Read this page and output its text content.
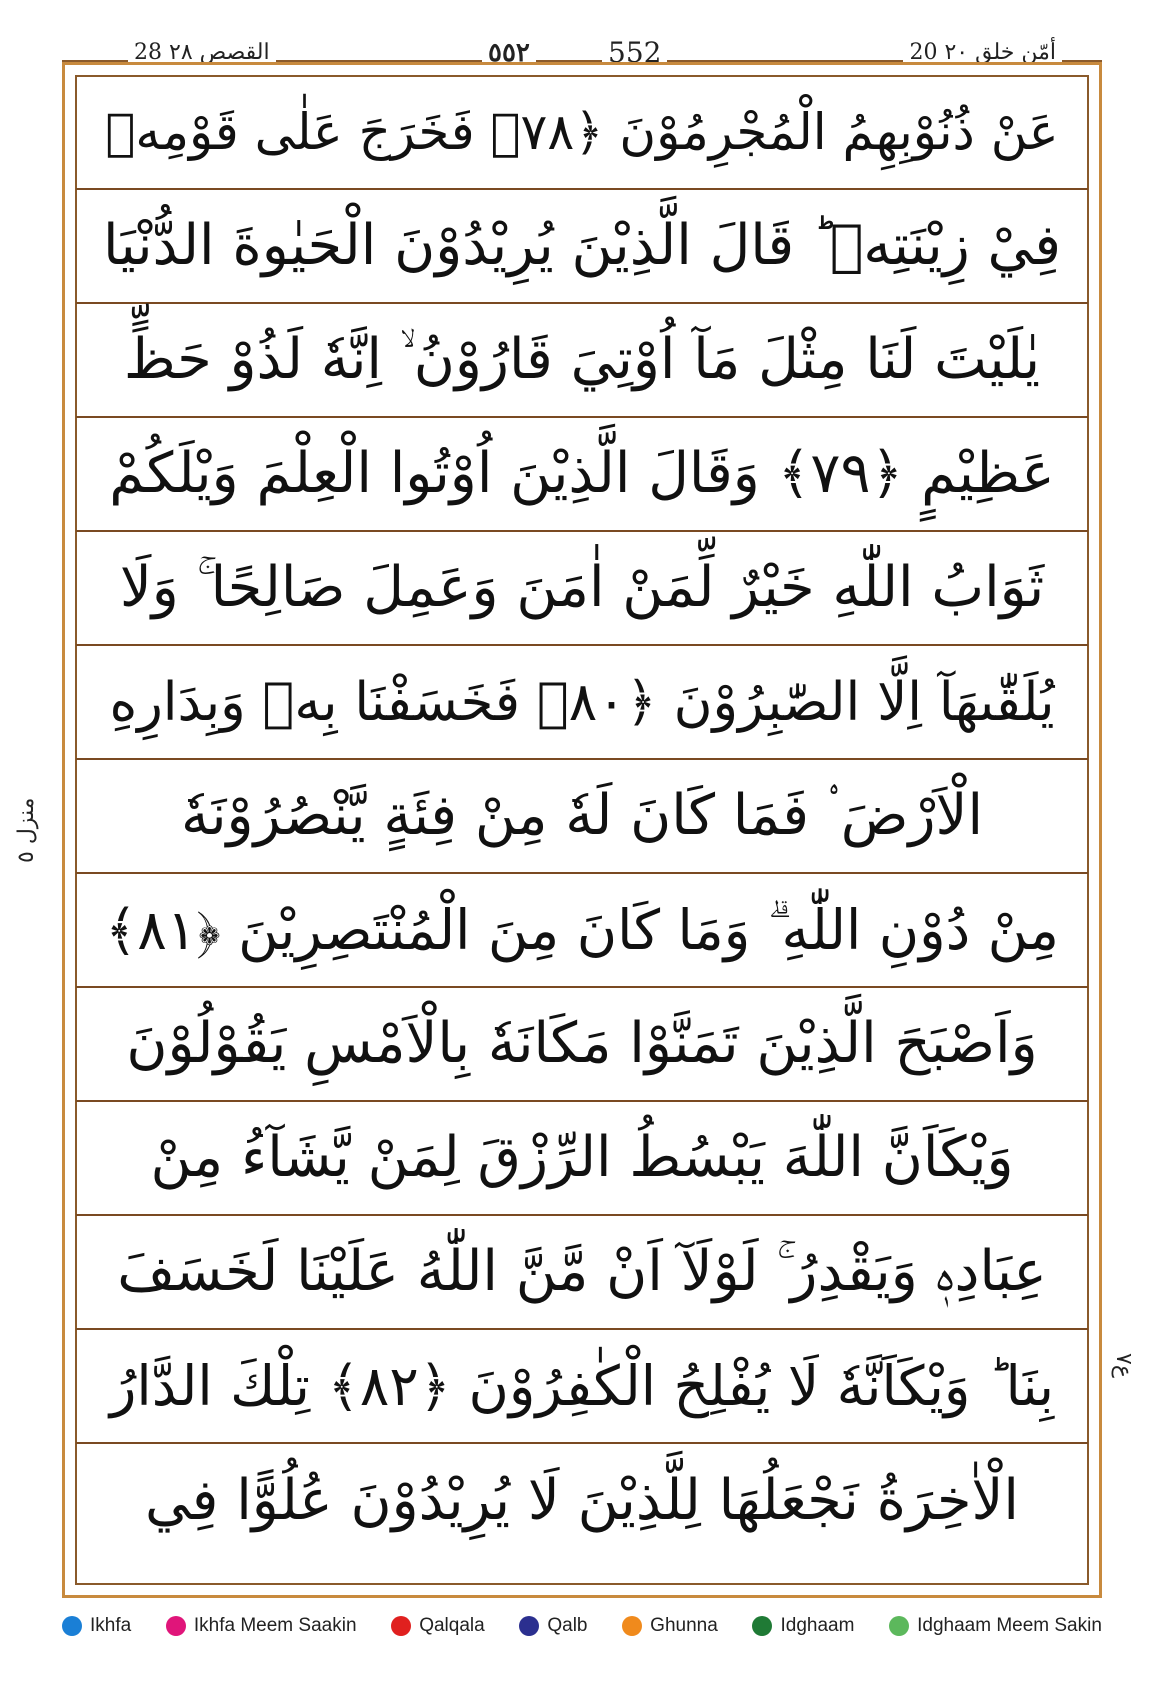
28 القصص ٢٨	٥٥٢	552	20 أمّن خلق ٢٠
عَنْ ذُنُوْبِهِمُ الْمُجْرِمُوْنَ ﴿٧٨﴾ فَخَرَجَ عَلٰى قَوْمِهٖ
فِيْ زِيْنَتِهٖ ؕ قَالَ الَّذِيْنَ يُرِيْدُوْنَ الْحَيٰوةَ الدُّنْيَا
يٰلَيْتَ لَنَا مِثْلَ مَآ اُوْتِيَ قَارُوْنُ ۙ اِنَّهٗ لَذُوْ حَظٍّ
عَظِيْمٍ ﴿٧٩﴾ وَقَالَ الَّذِيْنَ اُوْتُوا الْعِلْمَ وَيْلَكُمْ
ثَوَابُ اللّٰهِ خَيْرٌ لِّمَنْ اٰمَنَ وَعَمِلَ صَالِحًا ۚ وَلَا
يُلَقّٰىهَآ اِلَّا الصّٰبِرُوْنَ ﴿٨٠﴾ فَخَسَفْنَا بِهٖ وَبِدَارِهِ
الْاَرْضَ ۟ فَمَا كَانَ لَهٗ مِنْ فِئَةٍ يَّنْصُرُوْنَهٗ
مِنْ دُوْنِ اللّٰهِ ۗ وَمَا كَانَ مِنَ الْمُنْتَصِرِيْنَ ﴿٨١﴾
وَاَصْبَحَ الَّذِيْنَ تَمَنَّوْا مَكَانَهٗ بِالْاَمْسِ يَقُوْلُوْنَ
وَيْكَاَنَّ اللّٰهَ يَبْسُطُ الرِّزْقَ لِمَنْ يَّشَآءُ مِنْ
عِبَادِهٖ وَيَقْدِرُ ۚ لَوْلَآ اَنْ مَّنَّ اللّٰهُ عَلَيْنَا لَخَسَفَ
بِنَا ؕ وَيْكَاَنَّهٗ لَا يُفْلِحُ الْكٰفِرُوْنَ ﴿٨٢﴾ تِلْكَ الدَّارُ
الْاٰخِرَةُ نَجْعَلُهَا لِلَّذِيْنَ لَا يُرِيْدُوْنَ عُلُوًّا فِي
منزل ٥
ع٧
Ikhfa	Ikhfa Meem Saakin	Qalqala	Qalb	Ghunna	Idghaam	Idghaam Meem Sakin
